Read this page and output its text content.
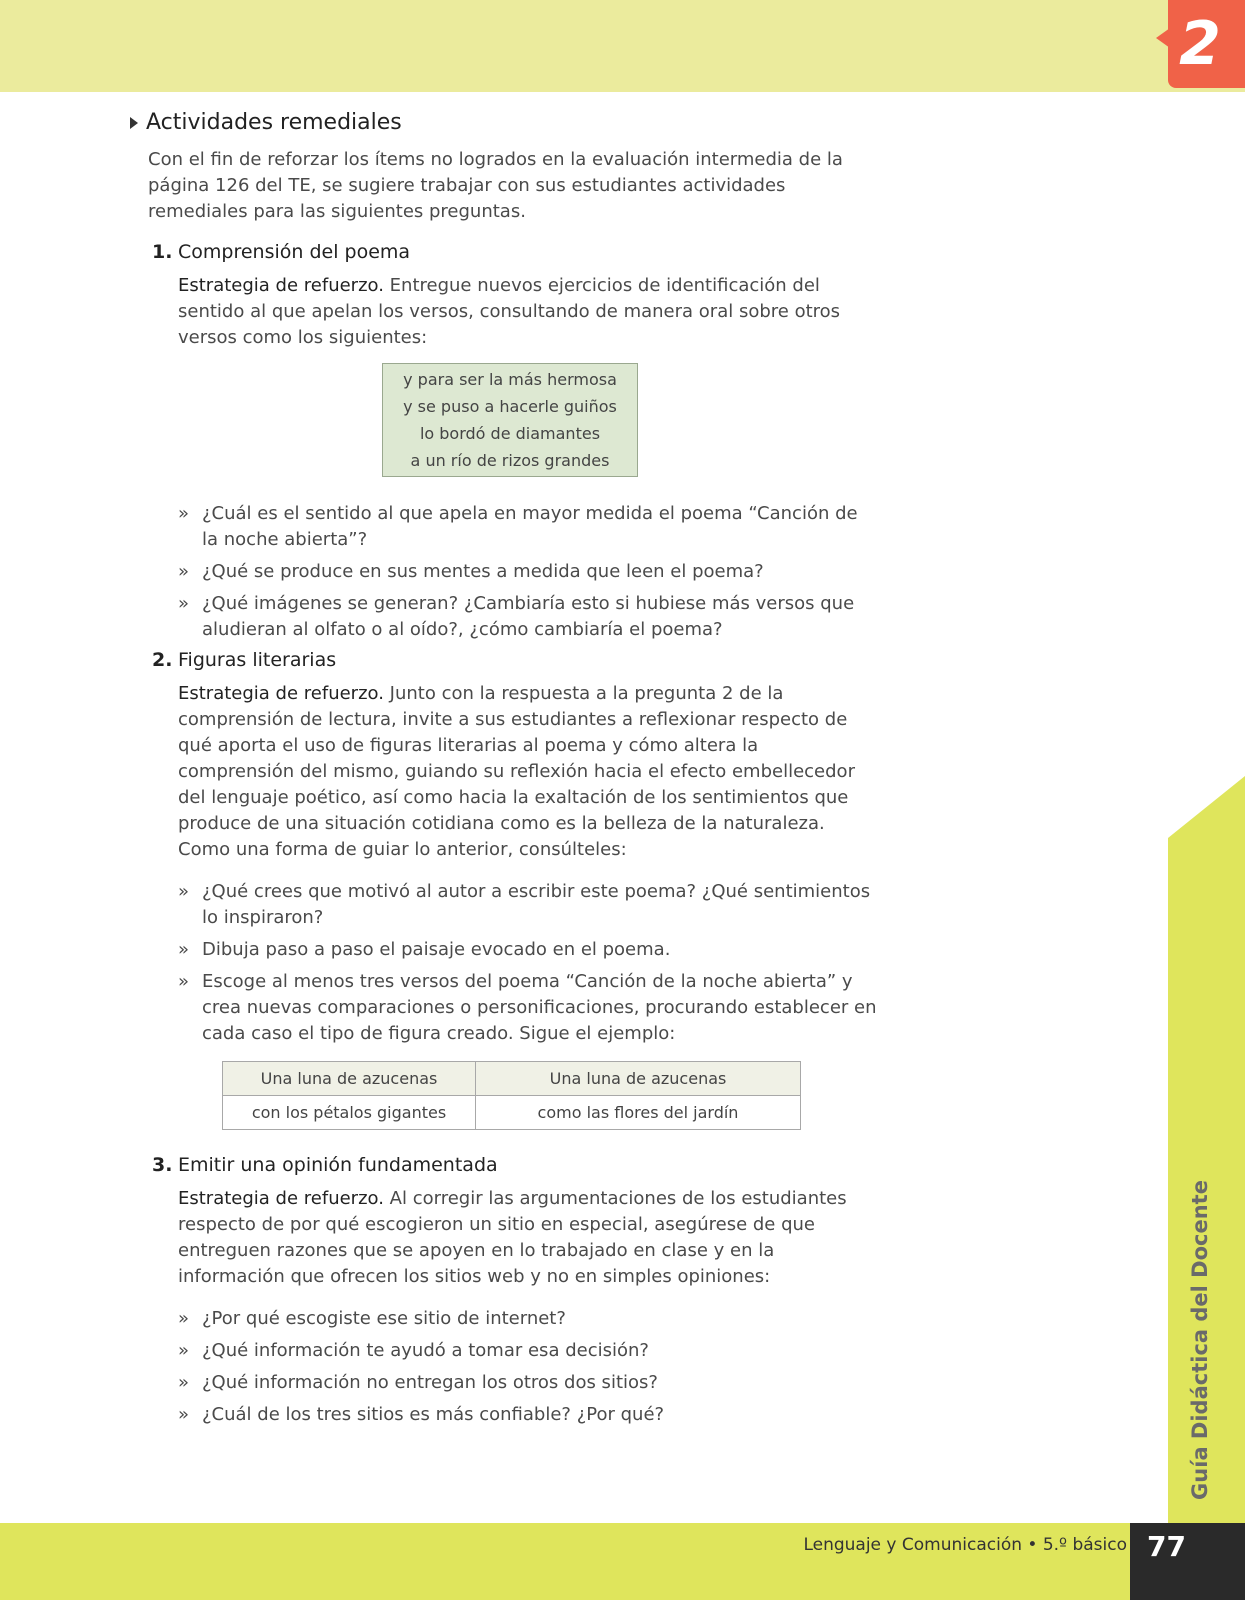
2
Guía Didáctica del Docente
Actividades remediales

Con el fin de reforzar los ítems no logrados en la evaluación intermedia de la página 126 del TE, se sugiere trabajar con sus estudiantes actividades remediales para las siguientes preguntas.

1. Comprensión del poema

Estrategia de refuerzo. Entregue nuevos ejercicios de identificación del sentido al que apelan los versos, consultando de manera oral sobre otros versos como los siguientes:

y para ser la más hermosa
y se puso a hacerle guiños
lo bordó de diamantes
a un río de rizos grandes
» ¿Cuál es el sentido al que apela en mayor medida el poema “Canción de la noche abierta”?
» ¿Qué se produce en sus mentes a medida que leen el poema?
» ¿Qué imágenes se generan? ¿Cambiaría esto si hubiese más versos que aludieran al olfato o al oído?, ¿cómo cambiaría el poema?
2. Figuras literarias

Estrategia de refuerzo. Junto con la respuesta a la pregunta 2 de la comprensión de lectura, invite a sus estudiantes a reflexionar respecto de qué aporta el uso de figuras literarias al poema y cómo altera la comprensión del mismo, guiando su reflexión hacia el efecto embellecedor del lenguaje poético, así como hacia la exaltación de los sentimientos que produce de una situación cotidiana como es la belleza de la naturaleza. Como una forma de guiar lo anterior, consúlteles:

» ¿Qué crees que motivó al autor a escribir este poema? ¿Qué sentimientos lo inspiraron?
» Dibuja paso a paso el paisaje evocado en el poema.
» Escoge al menos tres versos del poema “Canción de la noche abierta” y crea nuevas comparaciones o personificaciones, procurando establecer en cada caso el tipo de figura creado. Sigue el ejemplo:
Una luna de azucenas	Una luna de azucenas
con los pétalos gigantes	como las flores del jardín
3. Emitir una opinión fundamentada

Estrategia de refuerzo. Al corregir las argumentaciones de los estudiantes respecto de por qué escogieron un sitio en especial, asegúrese de que entreguen razones que se apoyen en lo trabajado en clase y en la información que ofrecen los sitios web y no en simples opiniones:

» ¿Por qué escogiste ese sitio de internet?
» ¿Qué información te ayudó a tomar esa decisión?
» ¿Qué información no entregan los otros dos sitios?
» ¿Cuál de los tres sitios es más confiable? ¿Por qué?
Lenguaje y Comunicación • 5.º básico 77
